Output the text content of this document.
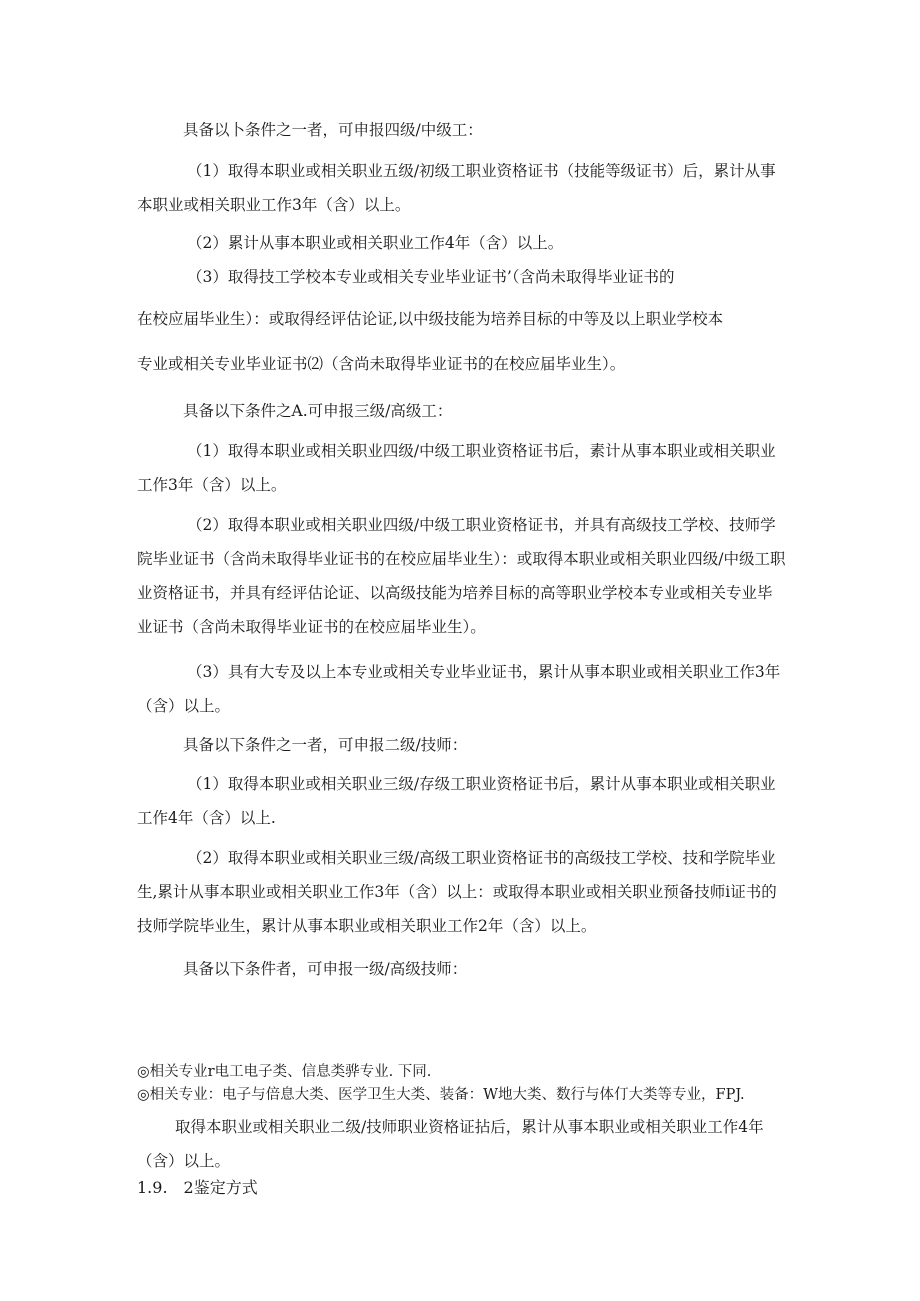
具备以卜条件之一者，可申报四级/中级工：

（1）取得本职业或相关职业五级/初级工职业资格证书（技能等级证书）后，累计从事本职业或相关职业工作3年（含）以上。

（2）累计从事本职业或相关职业工作4年（含）以上。

（3）取得技工学校本专业或相关专业毕业证书’（含尚未取得毕业证书的

在校应届毕业生）：或取得经评估论证,以中级技能为培养目标的中等及以上职业学校本

专业或相关专业毕业证书⑵（含尚未取得毕业证书的在校应届毕业生）。

具备以下条件之A.可申报三级/高级工：

（1）取得本职业或相关职业四级/中级工职业资格证书后，素计从事本职业或相关职业工作3年（含）以上。

（2）取得本职业或相关职业四级/中级工职业资格证书，并具有高级技工学校、技师学院毕业证书（含尚未取得毕业证书的在校应届毕业生）：或取得本职业或相关职业四级/中级工职业资格证书，并具有经评估论证、以高级技能为培养目标的高等职业学校本专业或相关专业毕业证书（含尚未取得毕业证书的在校应届毕业生）。

（3）具有大专及以上本专业或相关专业毕业证书，累计从事本职业或相关职业工作3年（含）以上。

具备以下条件之一者，可申报二级/技师：

（1）取得本职业或相关职业三级/存级工职业资格证书后，累计从事本职业或相关职业工作4年（含）以上.

（2）取得本职业或相关职业三级/高级工职业资格证书的高级技工学校、技和学院毕业生,累计从事本职业或相关职业工作3年（含）以上：或取得本职业或相关职业预备技师i证书的技师学院毕业生，累计从事本职业或相关职业工作2年（含）以上。

具备以下条件者，可申报一级/高级技师：

◎相关专业r电工电子类、信息类骅专业. 下同.
◎相关专业：电子与倍息大类、医学卫生大类、装备：W地大类、数行与体仃大类等专业，FPJ.

取得本职业或相关职业二级/技师职业资格证拈后，累计从事本职业或相关职业工作4年（含）以上。

1.9.　2鉴定方式
